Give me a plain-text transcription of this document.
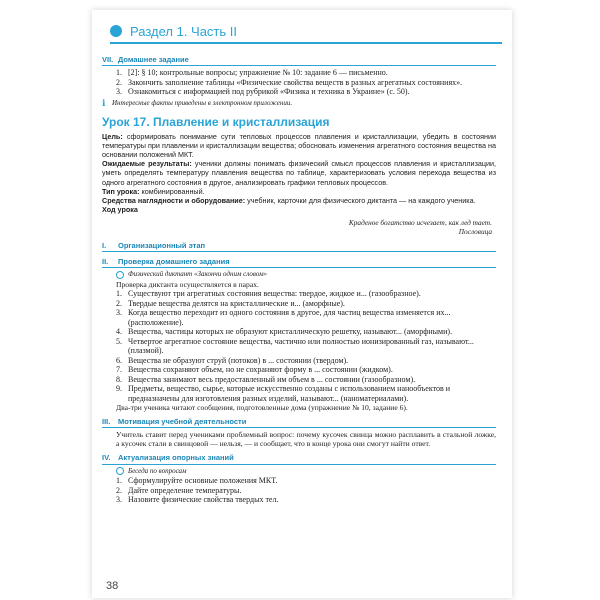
Раздел 1. Часть II
VII. Домашнее задание
1. [2]: § 10; контрольные вопросы; упражнение № 10: задание 6 — письменно.
2. Закончить заполнение таблицы «Физические свойства веществ в разных агрегатных состояниях».
3. Ознакомиться с информацией под рубрикой «Физика и техника в Украине» (с. 50).
ℹ Интересные факты приведены в электронном приложении.
Урок 17. Плавление и кристаллизация
Цель: сформировать понимание сути тепловых процессов плавления и кристаллизации, убедить в состоянии температуры при плавлении и кристаллизации вещества; обосновать изменения агрегатного состояния вещества на основании положений МКТ.
Ожидаемые результаты: ученики должны понимать физический смысл процессов плавления и кристаллизации, уметь определять температуру плавления вещества по таблице, характеризовать условия перехода вещества из одного агрегатного состояния в другое, анализировать графики тепловых процессов.
Тип урока: комбинированный.
Средства наглядности и оборудование: учебник, карточки для физического диктанта — на каждого ученика.
Ход урока
Краденое богатство исчезает, как лед тает.
Пословица
I.	Организационный этап
II.	Проверка домашнего задания
Физический диктант «Закончи одним словом»
Проверка диктанта осуществляется в парах.
1. Существуют три агрегатных состояния вещества: твердое, жидкое и... (газообразное).
2. Твердые вещества делятся на кристаллические и... (аморфные).
3. Когда вещество переходит из одного состояния в другое, для частиц вещества изменяется их... (расположение).
4. Вещества, частицы которых не образуют кристаллическую решетку, называют... (аморфными).
5. Четвертое агрегатное состояние вещества, частично или полностью ионизированный газ, называют... (плазмой).
6. Вещества не образуют струй (потоков) в ... состоянии (твердом).
7. Вещества сохраняют объем, но не сохраняют форму в ... состоянии (жидком).
8. Вещества занимают весь предоставленный им объем в ... состоянии (газообразном).
9. Предметы, вещество, сырье, которые искусственно созданы с использованием нанообъектов и предназначены для изготовления разных изделий, называют... (наноматериалами).
Два-три ученика читают сообщения, подготовленные дома (упражнение № 10, задание 6).
III.	Мотивация учебной деятельности
Учитель ставит перед учениками проблемный вопрос: почему кусочек свинца можно расплавить в стальной ложке, а кусочек стали в свинцовой — нельзя, — и сообщает, что в конце урока они смогут найти ответ.
IV.	Актуализация опорных знаний
Беседа по вопросам
1. Сформулируйте основные положения МКТ.
2. Дайте определение температуры.
3. Назовите физические свойства твердых тел.
38
